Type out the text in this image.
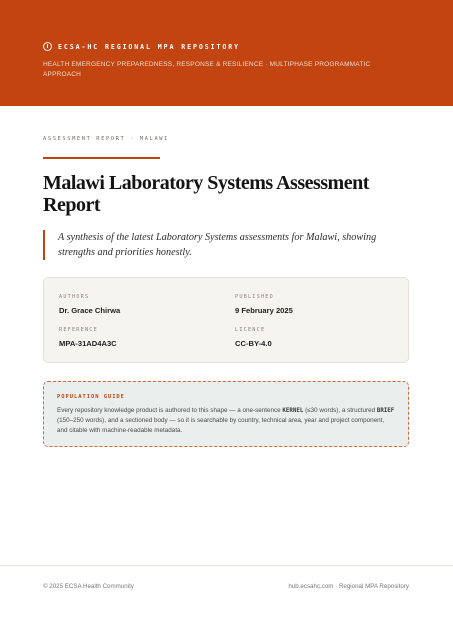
ECSA-HC REGIONAL MPA REPOSITORY
HEALTH EMERGENCY PREPAREDNESS, RESPONSE & RESILIENCE · MULTIPHASE PROGRAMMATIC APPROACH
ASSESSMENT REPORT · MALAWI
Malawi Laboratory Systems Assessment Report
A synthesis of the latest Laboratory Systems assessments for Malawi, showing strengths and priorities honestly.
AUTHORS
Dr. Grace Chirwa
PUBLISHED
9 February 2025
REFERENCE
MPA-31AD4A3C
LICENCE
CC-BY-4.0
POPULATION GUIDE
Every repository knowledge product is authored to this shape — a one-sentence KERNEL (≤30 words), a structured BRIEF (150–250 words), and a sectioned body — so it is searchable by country, technical area, year and project component, and citable with machine-readable metadata.
© 2025 ECSA Health Community	hub.ecsahc.com · Regional MPA Repository
